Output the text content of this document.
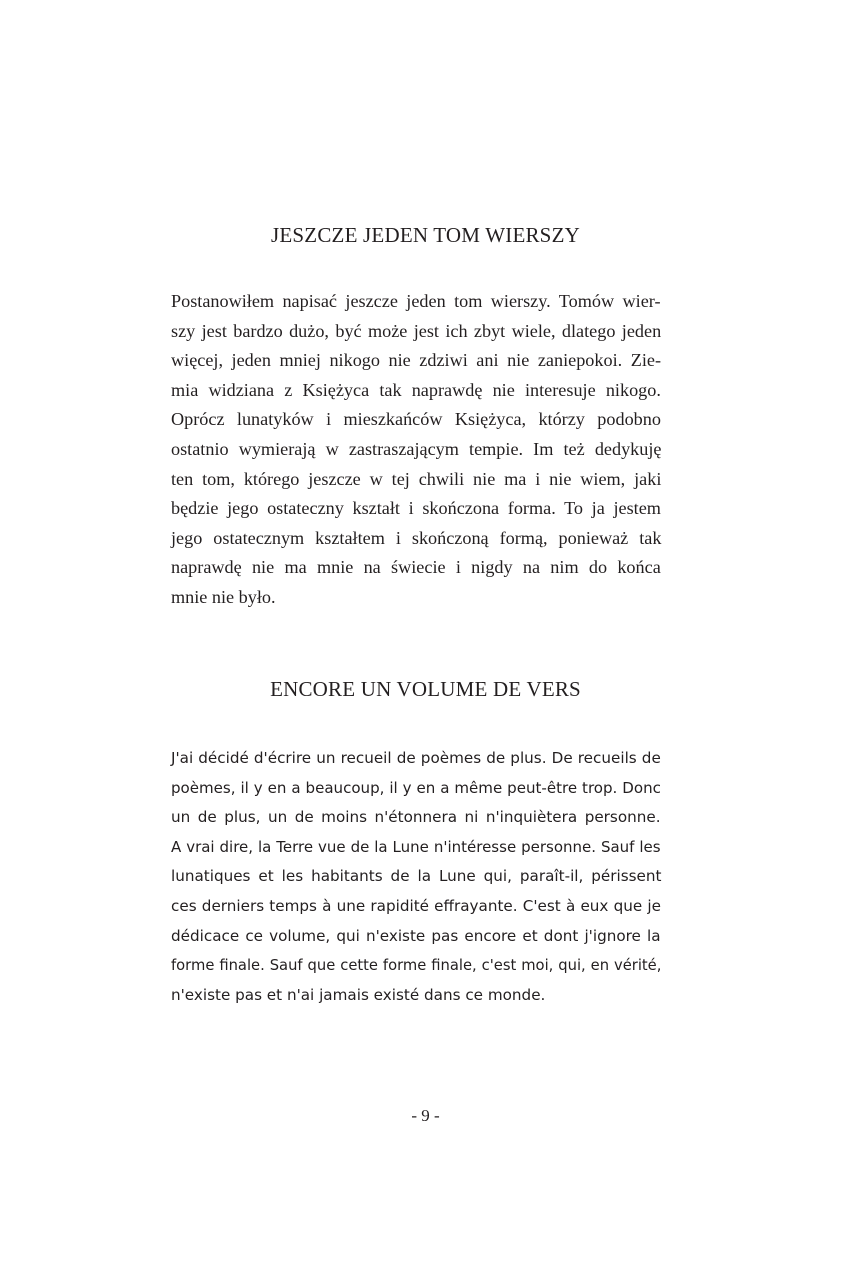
JESZCZE JEDEN TOM WIERSZY
Postanowiłem napisać jeszcze jeden tom wierszy. Tomów wier-
szy jest bardzo dużo, być może jest ich zbyt wiele, dlatego jeden
więcej, jeden mniej nikogo nie zdziwi ani nie zaniepokoi. Zie-
mia widziana z Księżyca tak naprawdę nie interesuje nikogo.
Oprócz lunatyków i mieszkańców Księżyca, którzy podobno
ostatnio wymierają w zastraszającym tempie. Im też dedykuję
ten tom, którego jeszcze w tej chwili nie ma i nie wiem, jaki
będzie jego ostateczny kształt i skończona forma. To ja jestem
jego ostatecznym kształtem i skończoną formą, ponieważ tak
naprawdę nie ma mnie na świecie i nigdy na nim do końca
mnie nie było.
ENCORE UN VOLUME DE VERS
J'ai décidé d'écrire un recueil de poèmes de plus. De recueils de
poèmes, il y en a beaucoup, il y en a même peut-être trop. Donc
un de plus, un de moins n'étonnera ni n'inquiètera personne.
A vrai dire, la Terre vue de la Lune n'intéresse personne. Sauf les
lunatiques et les habitants de la Lune qui, paraît-il, périssent
ces derniers temps à une rapidité effrayante. C'est à eux que je
dédicace ce volume, qui n'existe pas encore et dont j'ignore la
forme finale. Sauf que cette forme finale, c'est moi, qui, en vérité,
n'existe pas et n'ai jamais existé dans ce monde.

- 9 -
